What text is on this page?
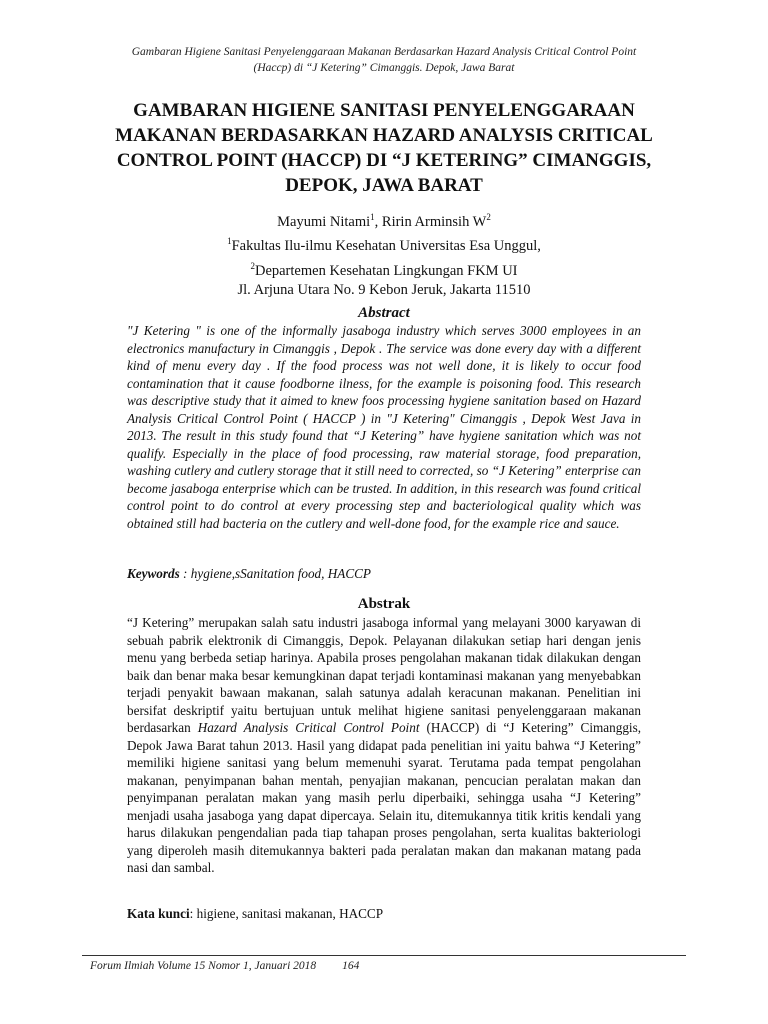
Gambaran Higiene Sanitasi Penyelenggaraan Makanan Berdasarkan Hazard Analysis Critical Control Point
(Haccp) di “J Ketering” Cimanggis. Depok, Jawa Barat
GAMBARAN HIGIENE SANITASI PENYELENGGARAAN
MAKANAN BERDASARKAN HAZARD ANALYSIS CRITICAL
CONTROL POINT (HACCP) DI “J KETERING” CIMANGGIS,
DEPOK, JAWA BARAT
Mayumi Nitami$^1$, Ririn Arminsih $W^2$
$^1$Fakultas Ilu-ilmu Kesehatan Universitas Esa Unggul,
$^2$Departemen Kesehatan Lingkungan FKM UI
Jl. Arjuna Utara No. 9 Kebon Jeruk, Jakarta 11510
Abstract

"J Ketering " is one of the informally jasaboga industry which serves 3000 employees in an electronics manufactury in Cimanggis , Depok . The service was done every day with a different kind of menu every day . If the food process was not well done, it is likely to occur food contamination that it cause foodborne ilness, for the example is poisoning food. This research was descriptive study that it aimed to knew foos processing hygiene sanitation based on Hazard Analysis Critical Control Point ( HACCP ) in "J Ketering" Cimanggis , Depok West Java in 2013. The result in this study found that “J Ketering” have hygiene sanitation which was not qualify. Especially in the place of food processing, raw material storage, food preparation, washing cutlery and cutlery storage that it still need to corrected, so “J Ketering” enterprise can become jasaboga enterprise which can be trusted. In addition, in this research was found critical control point to do control at every processing step and bacteriological quality which was obtained still had bacteria on the cutlery and well-done food, for the example rice and sauce.

Keywords : hygiene,sSanitation food, HACCP
Abstrak

“J Ketering” merupakan salah satu industri jasaboga informal yang melayani 3000 karyawan di sebuah pabrik elektronik di Cimanggis, Depok. Pelayanan dilakukan setiap hari dengan jenis menu yang berbeda setiap harinya. Apabila proses pengolahan makanan tidak dilakukan dengan baik dan benar maka besar kemungkinan dapat terjadi kontaminasi makanan yang menyebabkan terjadi penyakit bawaan makanan, salah satunya adalah keracunan makanan. Penelitian ini bersifat deskriptif yaitu bertujuan untuk melihat higiene sanitasi penyelenggaraan makanan berdasarkan Hazard Analysis Critical Control Point (HACCP) di “J Ketering” Cimanggis, Depok Jawa Barat tahun 2013. Hasil yang didapat pada penelitian ini yaitu bahwa “J Ketering” memiliki higiene sanitasi yang belum memenuhi syarat. Terutama pada tempat pengolahan makanan, penyimpanan bahan mentah, penyajian makanan, pencucian peralatan makan dan penyimpanan peralatan makan yang masih perlu diperbaiki, sehingga usaha “J Ketering” menjadi usaha jasaboga yang dapat dipercaya. Selain itu, ditemukannya titik kritis kendali yang harus dilakukan pengendalian pada tiap tahapan proses pengolahan, serta kualitas bakteriologi yang diperoleh masih ditemukannya bakteri pada peralatan makan dan makanan matang pada nasi dan sambal.

Kata kunci: higiene, sanitasi makanan, HACCP
Forum Ilmiah Volume 15 Nomor 1, Januari 2018 164
